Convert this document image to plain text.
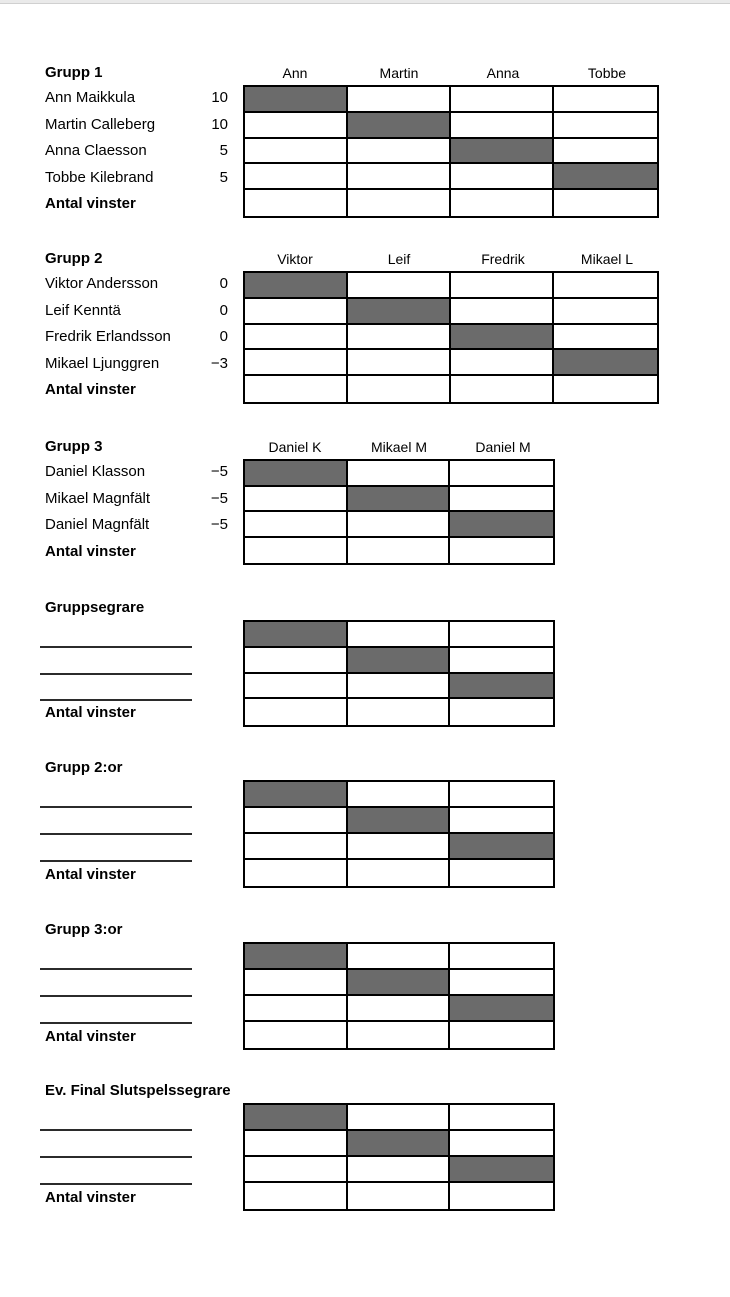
Grupp 1	Ann	Martin	Anna	Tobbe
Ann Maikkula	10
Martin Calleberg	10
Anna Claesson	5
Tobbe Kilebrand	5
Antal vinster
Grupp 2	Viktor	Leif	Fredrik	Mikael L
Viktor Andersson	0
Leif Kenntä	0
Fredrik Erlandsson	0
Mikael Ljunggren	−3
Antal vinster
Grupp 3	Daniel K	Mikael M	Daniel M
Daniel Klasson	−5
Mikael Magnfält	−5
Daniel Magnfält	−5
Antal vinster
Gruppsegrare
Antal vinster
Grupp 2:or
Antal vinster
Grupp 3:or
Antal vinster
Ev. Final Slutspelssegrare
Antal vinster
